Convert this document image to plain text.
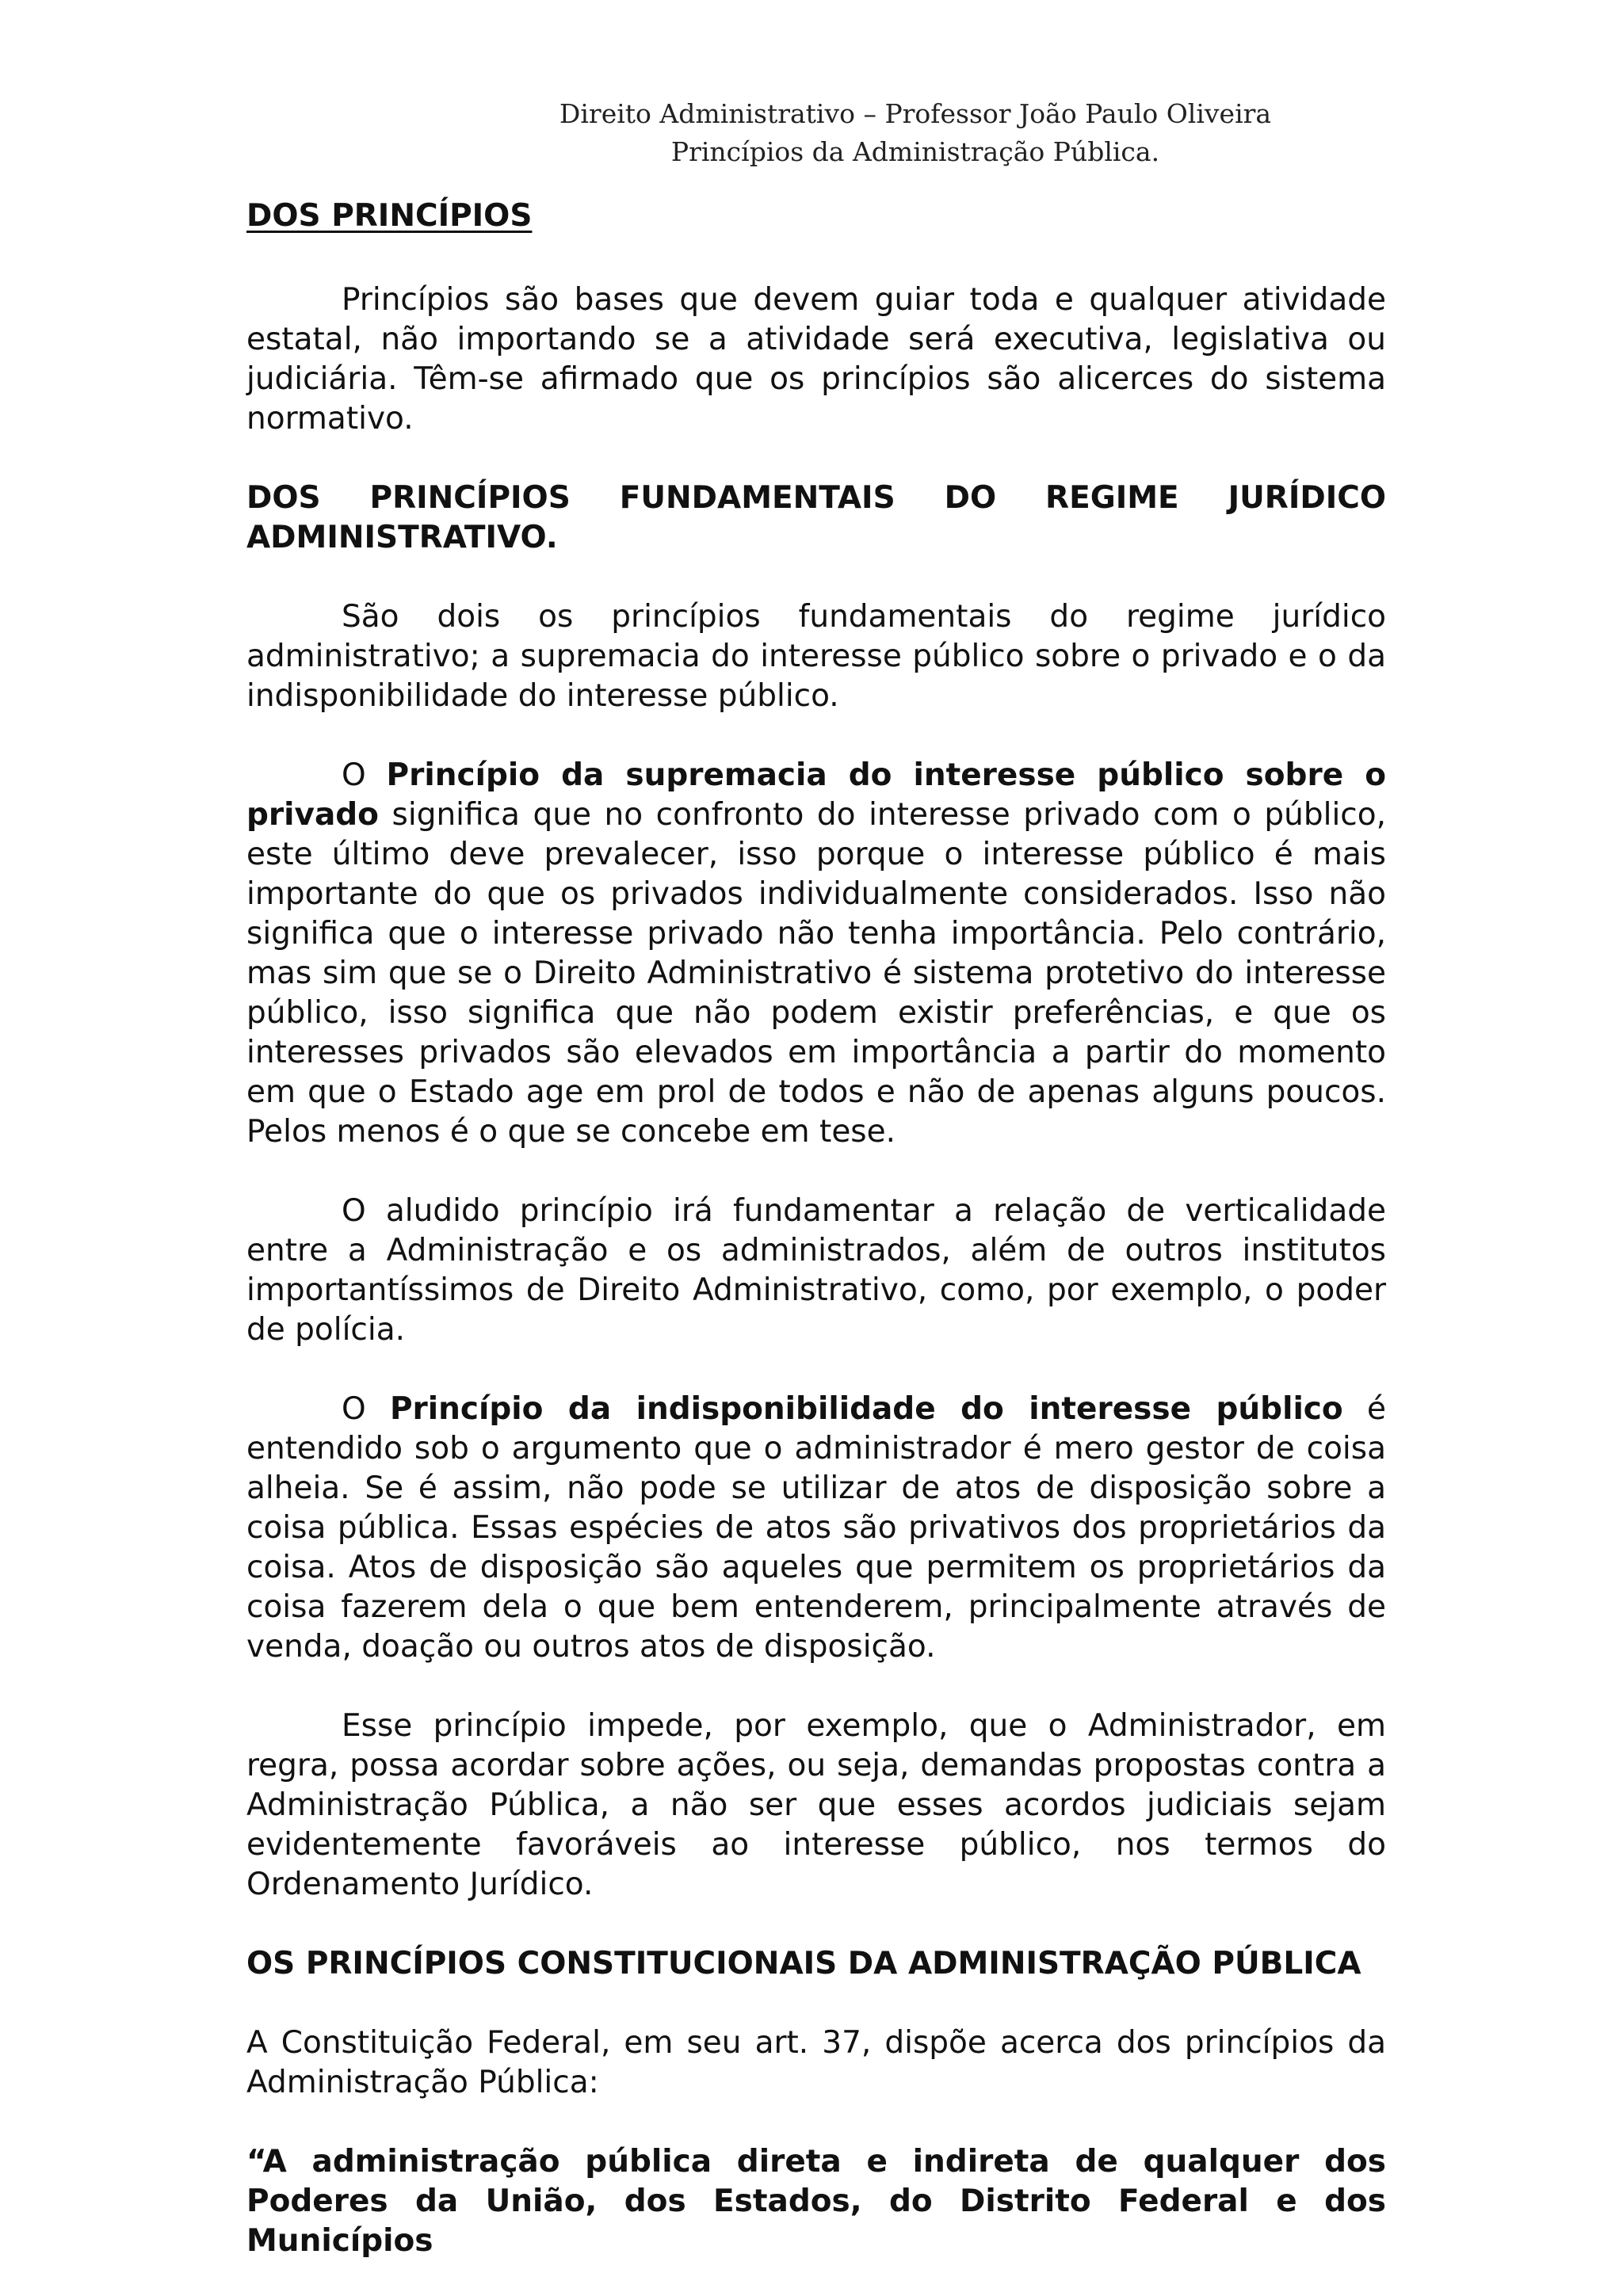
Direito Administrativo – Professor João Paulo Oliveira
Princípios da Administração Pública.

DOS PRINCÍPIOS

Princípios são bases que devem guiar toda e qualquer atividade estatal, não importando se a atividade será executiva, legislativa ou judiciária. Têm-se afirmado que os princípios são alicerces do sistema normativo.

DOS PRINCÍPIOS FUNDAMENTAIS DO REGIME JURÍDICO ADMINISTRATIVO.

São dois os princípios fundamentais do regime jurídico administrativo; a supremacia do interesse público sobre o privado e o da indisponibilidade do interesse público.

O Princípio da supremacia do interesse público sobre o privado significa que no confronto do interesse privado com o público, este último deve prevalecer, isso porque o interesse público é mais importante do que os privados individualmente considerados. Isso não significa que o interesse privado não tenha importância. Pelo contrário, mas sim que se o Direito Administrativo é sistema protetivo do interesse público, isso significa que não podem existir preferências, e que os interesses privados são elevados em importância a partir do momento em que o Estado age em prol de todos e não de apenas alguns poucos. Pelos menos é o que se concebe em tese.

O aludido princípio irá fundamentar a relação de verticalidade entre a Administração e os administrados, além de outros institutos importantíssimos de Direito Administrativo, como, por exemplo, o poder de polícia.

O Princípio da indisponibilidade do interesse público é entendido sob o argumento que o administrador é mero gestor de coisa alheia. Se é assim, não pode se utilizar de atos de disposição sobre a coisa pública. Essas espécies de atos são privativos dos proprietários da coisa. Atos de disposição são aqueles que permitem os proprietários da coisa fazerem dela o que bem entenderem, principalmente através de venda, doação ou outros atos de disposição.

Esse princípio impede, por exemplo, que o Administrador, em regra, possa acordar sobre ações, ou seja, demandas propostas contra a Administração Pública, a não ser que esses acordos judiciais sejam evidentemente favoráveis ao interesse público, nos termos do Ordenamento Jurídico.

OS PRINCÍPIOS CONSTITUCIONAIS DA ADMINISTRAÇÃO PÚBLICA

A Constituição Federal, em seu art. 37, dispõe acerca dos princípios da Administração Pública:

“A administração pública direta e indireta de qualquer dos Poderes da União, dos Estados, do Distrito Federal e dos Municípios
